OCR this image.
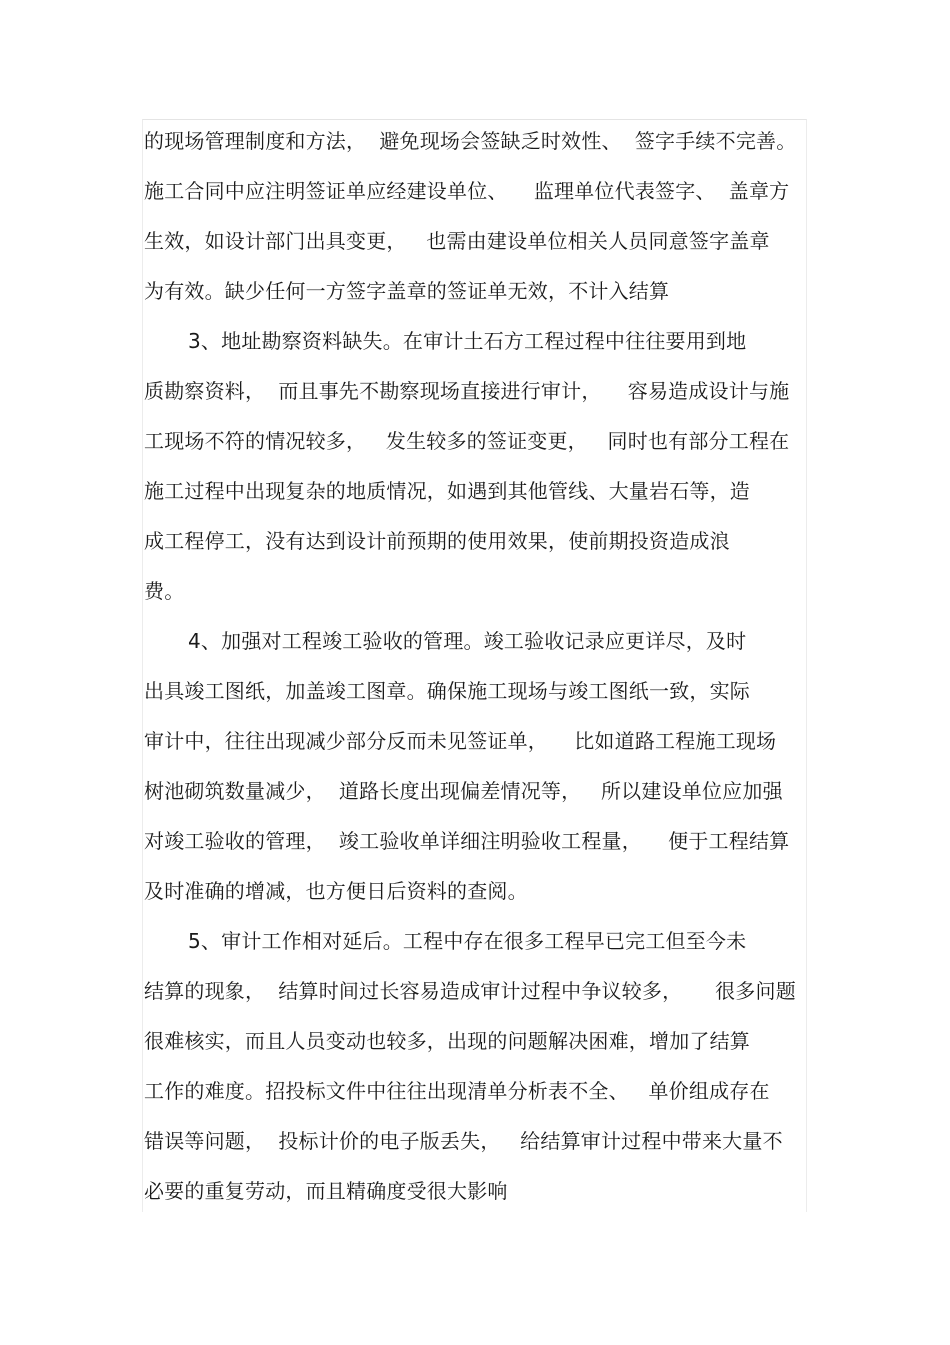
的现场管理制度和方法，  避免现场会签缺乏时效性、  签字手续不完善。
施工合同中应注明签证单应经建设单位、    监理单位代表签字、  盖章方
生效，如设计部门出具变更，   也需由建设单位相关人员同意签字盖章
为有效。缺少任何一方签字盖章的签证单无效，不计入结算
3、地址勘察资料缺失。在审计土石方工程过程中往往要用到地
质勘察资料，  而且事先不勘察现场直接进行审计，    容易造成设计与施
工现场不符的情况较多，   发生较多的签证变更，   同时也有部分工程在
施工过程中出现复杂的地质情况，如遇到其他管线、大量岩石等，造
成工程停工，没有达到设计前预期的使用效果，使前期投资造成浪
费。
4、加强对工程竣工验收的管理。竣工验收记录应更详尽，及时
出具竣工图纸，加盖竣工图章。确保施工现场与竣工图纸一致，实际
审计中，往往出现减少部分反而未见签证单，    比如道路工程施工现场
树池砌筑数量减少，  道路长度出现偏差情况等，   所以建设单位应加强
对竣工验收的管理，  竣工验收单详细注明验收工程量，    便于工程结算
及时准确的增减，也方便日后资料的查阅。
5、审计工作相对延后。工程中存在很多工程早已完工但至今未
结算的现象，  结算时间过长容易造成审计过程中争议较多，     很多问题
很难核实，而且人员变动也较多，出现的问题解决困难，增加了结算
工作的难度。招投标文件中往往出现清单分析表不全、   单价组成存在
错误等问题，  投标计价的电子版丢失，   给结算审计过程中带来大量不
必要的重复劳动，而且精确度受很大影响
